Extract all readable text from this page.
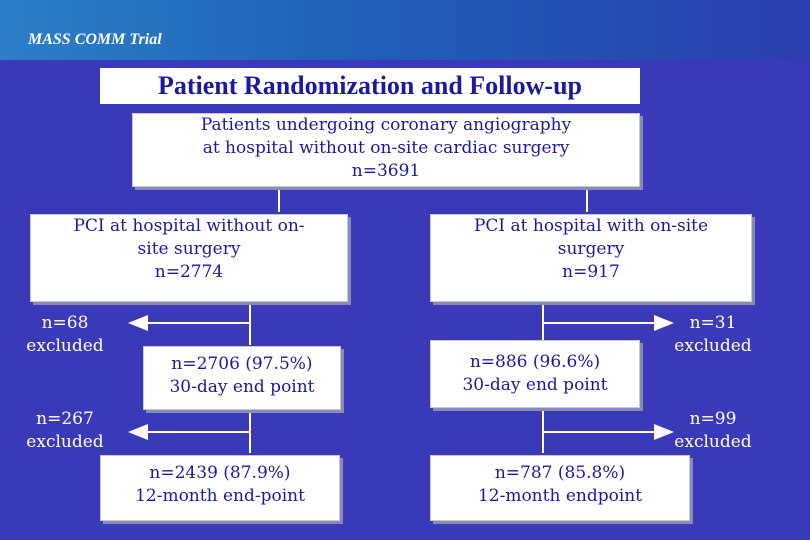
MASS COMM Trial
Patient Randomization and Follow-up
Patients undergoing coronary angiography
at hospital without on-site cardiac surgery
n=3691
PCI at hospital without on-
site surgery
n=2774
PCI at hospital with on-site
surgery
n=917
n=2706 (97.5%)
30-day end point
n=886 (96.6%)
30-day end point
n=2439 (87.9%)
12-month end-point
n=787 (85.8%)
12-month endpoint
n=68
excluded
n=267
excluded
n=31
excluded
n=99
excluded
